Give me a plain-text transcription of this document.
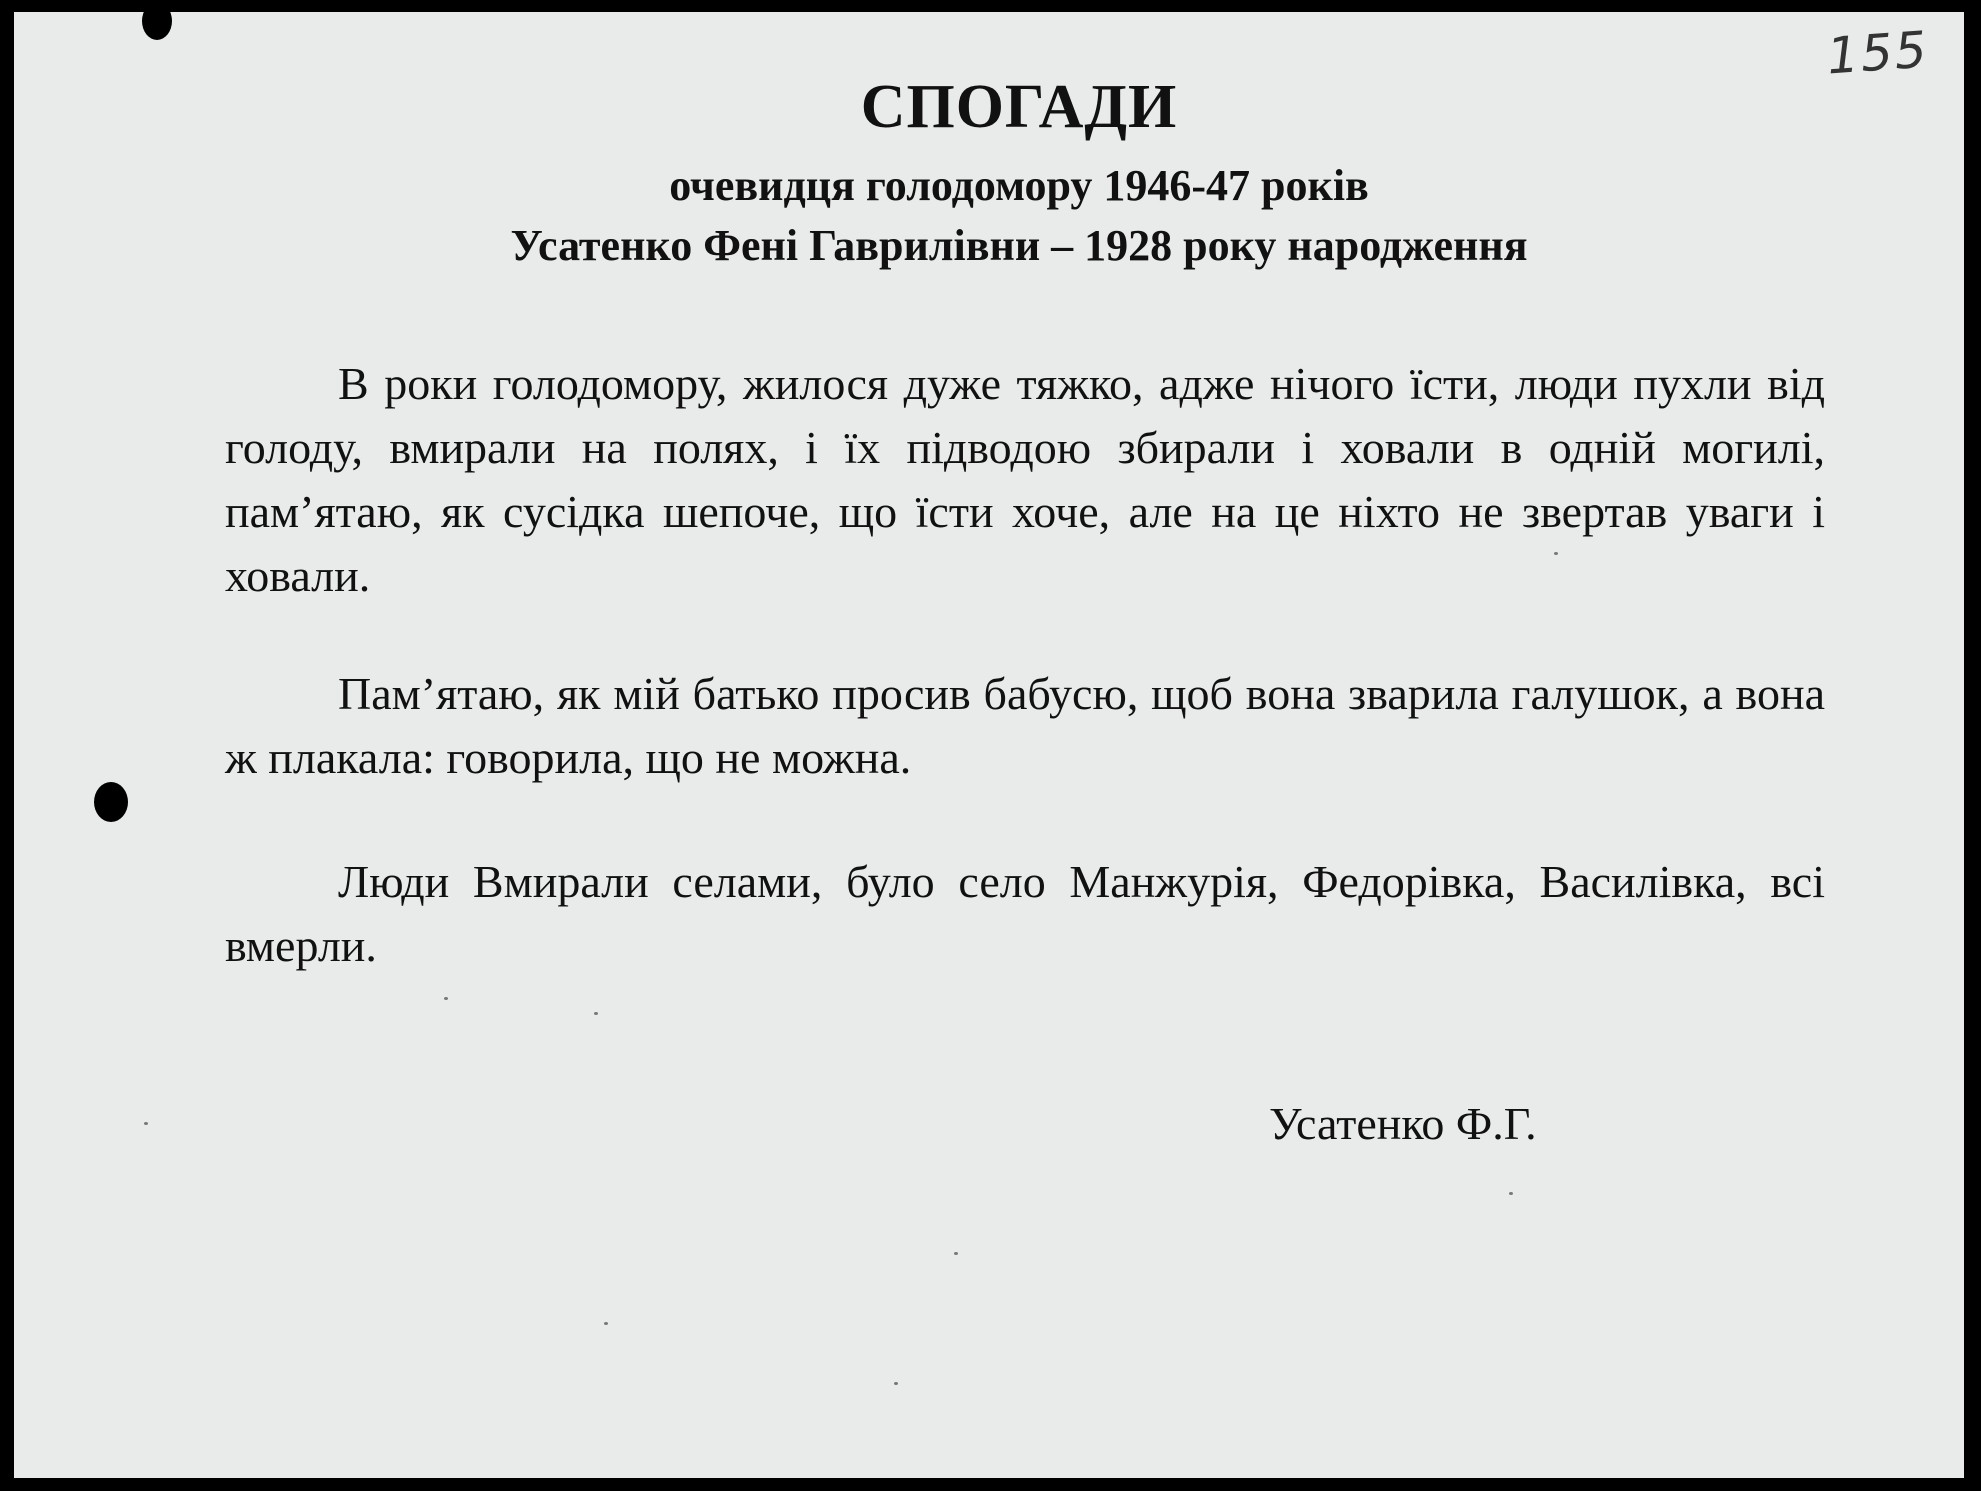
155
СПОГАДИ
очевидця голодомору 1946-47 років
Усатенко Фені Гаврилівни – 1928 року народження

В роки голодомору, жилося дуже тяжко, адже нічого їсти, люди пухли від голоду, вмирали на полях, і їх підводою збирали і ховали в одній могилі, пам’ятаю, як сусідка шепоче, що їсти хоче, але на це ніхто не звертав уваги і ховали.

Пам’ятаю, як мій батько просив бабусю, щоб вона зварила галушок, а вона ж плакала: говорила, що не можна.

Люди Вмирали селами, було село Манжурія, Федорівка, Василівка, всі вмерли.

Усатенко Ф.Г.
